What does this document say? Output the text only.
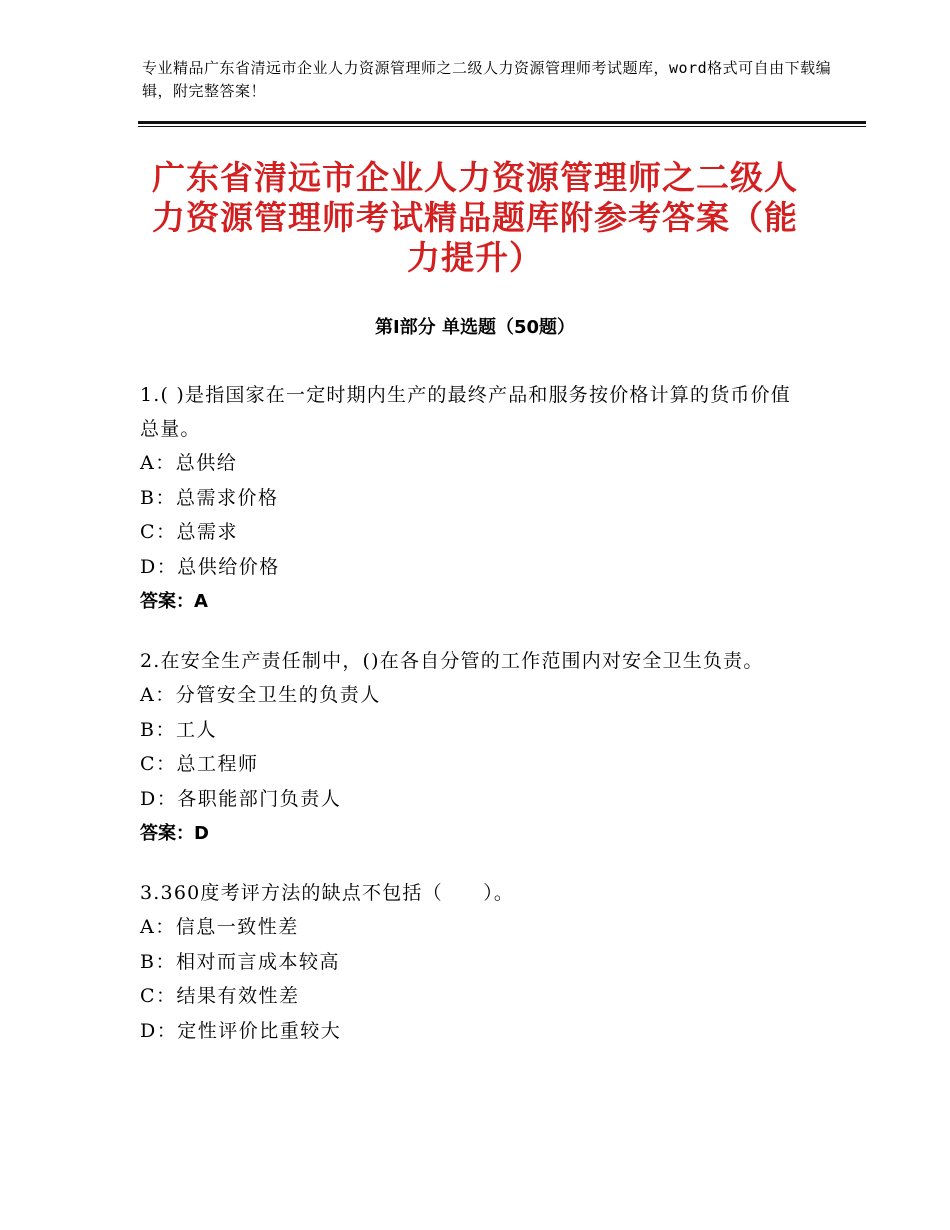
专业精品广东省清远市企业人力资源管理师之二级人力资源管理师考试题库，word格式可自由下载编辑，附完整答案！
广东省清远市企业人力资源管理师之二级人力资源管理师考试精品题库附参考答案（能力提升）
第Ⅰ部分 单选题（50题）
1.( )是指国家在一定时期内生产的最终产品和服务按价格计算的货币价值总量。
A：总供给
B：总需求价格
C：总需求
D：总供给价格
答案：A
2.在安全生产责任制中，()在各自分管的工作范围内对安全卫生负责。
A：分管安全卫生的负责人
B：工人
C：总工程师
D：各职能部门负责人
答案：D
3.360度考评方法的缺点不包括（　　）。
A：信息一致性差
B：相对而言成本较高
C：结果有效性差
D：定性评价比重较大
